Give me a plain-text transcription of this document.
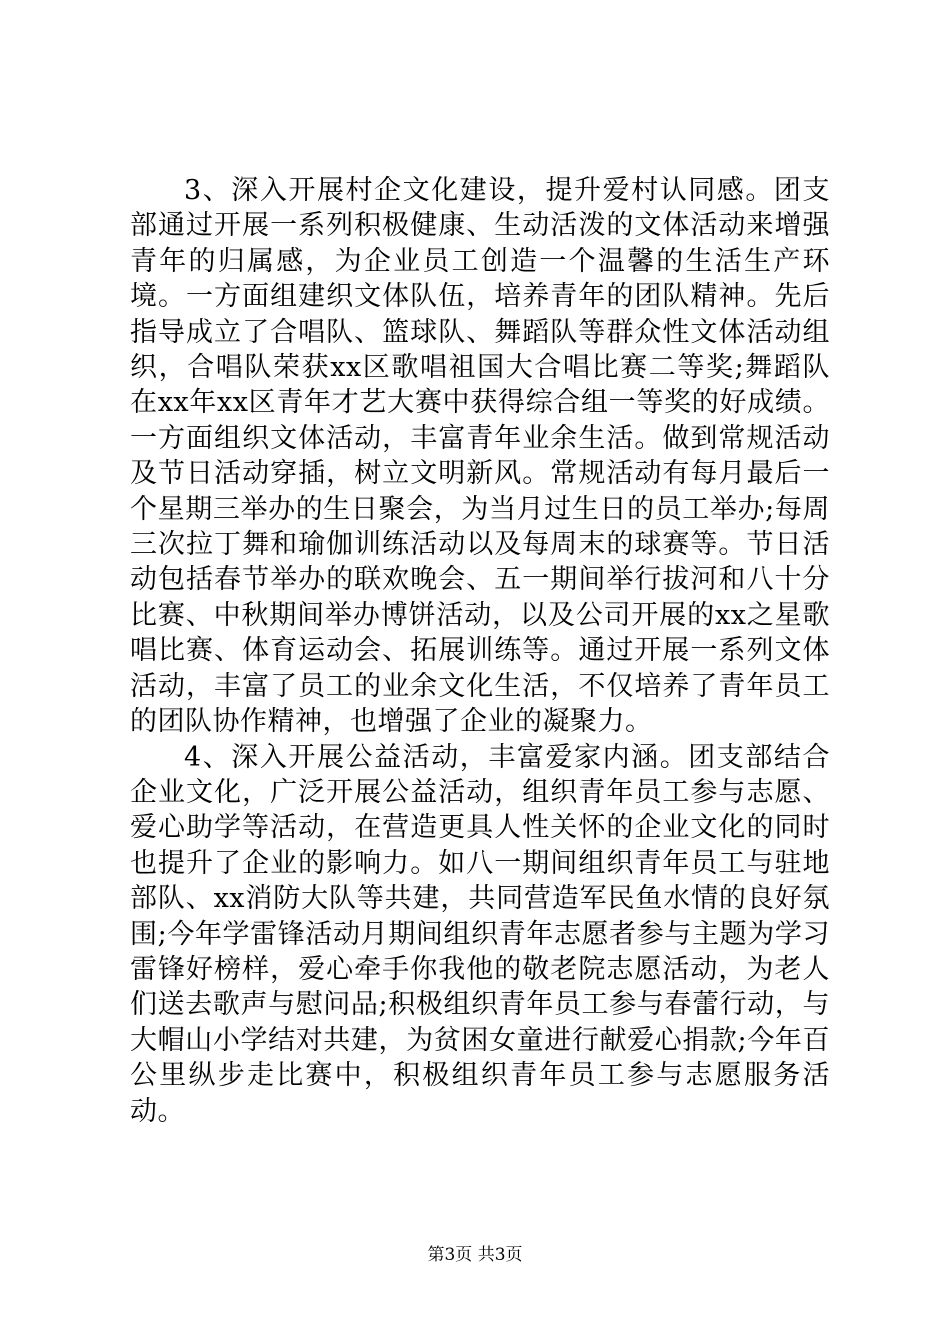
3、深入开展村企文化建设，提升爱村认同感。团支部通过开展一系列积极健康、生动活泼的文体活动来增强青年的归属感，为企业员工创造一个温馨的生活生产环境。一方面组建织文体队伍，培养青年的团队精神。先后指导成立了合唱队、篮球队、舞蹈队等群众性文体活动组织，合唱队荣获xx区歌唱祖国大合唱比赛二等奖;舞蹈队在xx年xx区青年才艺大赛中获得综合组一等奖的好成绩。一方面组织文体活动，丰富青年业余生活。做到常规活动及节日活动穿插，树立文明新风。常规活动有每月最后一个星期三举办的生日聚会，为当月过生日的员工举办;每周三次拉丁舞和瑜伽训练活动以及每周末的球赛等。节日活动包括春节举办的联欢晚会、五一期间举行拔河和八十分比赛、中秋期间举办博饼活动，以及公司开展的xx之星歌唱比赛、体育运动会、拓展训练等。通过开展一系列文体活动，丰富了员工的业余文化生活，不仅培养了青年员工的团队协作精神，也增强了企业的凝聚力。

4、深入开展公益活动，丰富爱家内涵。团支部结合企业文化，广泛开展公益活动，组织青年员工参与志愿、爱心助学等活动，在营造更具人性关怀的企业文化的同时也提升了企业的影响力。如八一期间组织青年员工与驻地部队、xx消防大队等共建，共同营造军民鱼水情的良好氛围;今年学雷锋活动月期间组织青年志愿者参与主题为学习雷锋好榜样，爱心牵手你我他的敬老院志愿活动，为老人们送去歌声与慰问品;积极组织青年员工参与春蕾行动，与大帽山小学结对共建，为贫困女童进行献爱心捐款;今年百公里纵步走比赛中，积极组织青年员工参与志愿服务活动。

第3页 共3页
